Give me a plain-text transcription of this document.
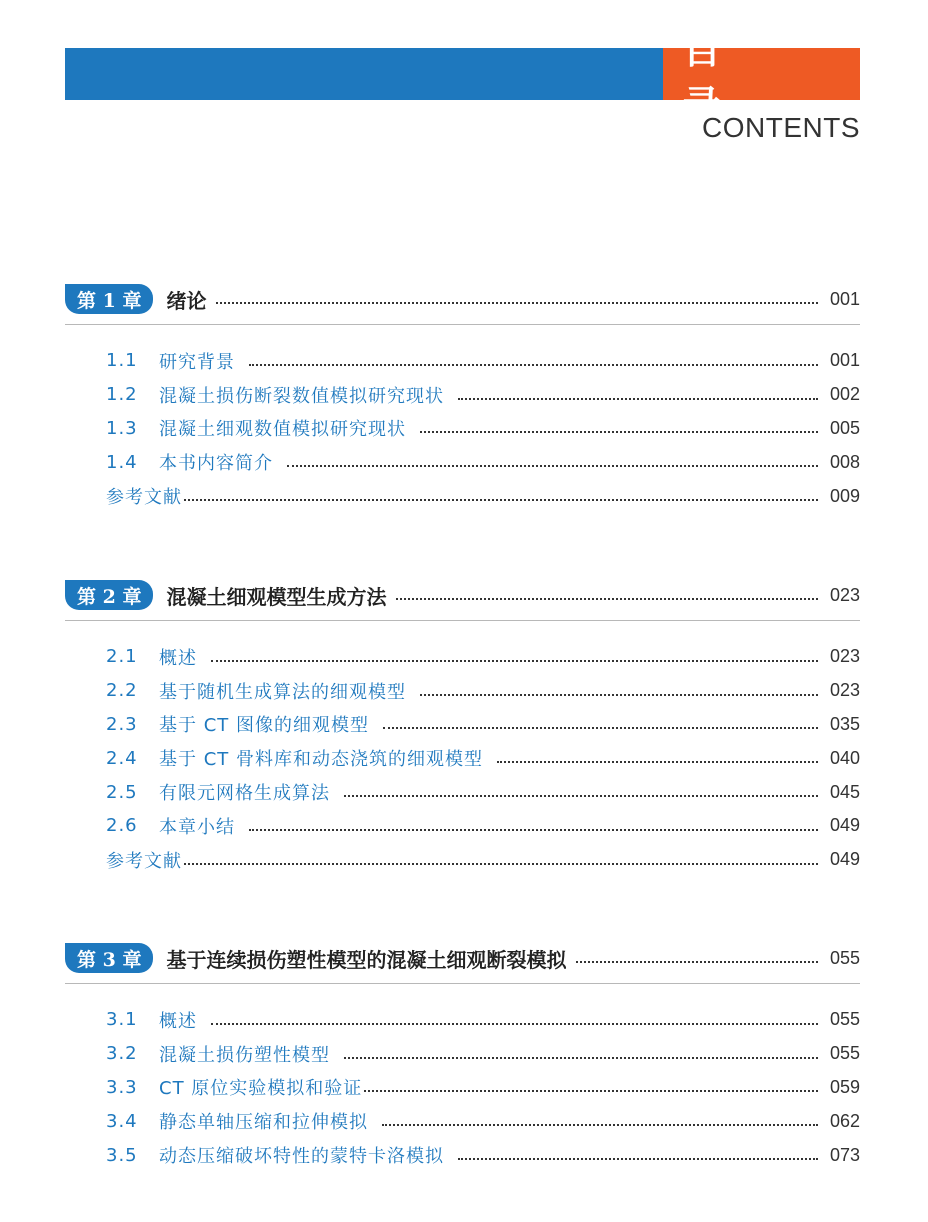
目 录
CONTENTS
第 1 章	绪论	001
1.1	研究背景	001
1.2	混凝土损伤断裂数值模拟研究现状	002
1.3	混凝土细观数值模拟研究现状	005
1.4	本书内容简介	008
参考文献	009
第 2 章	混凝土细观模型生成方法	023
2.1	概述	023
2.2	基于随机生成算法的细观模型	023
2.3	基于 CT 图像的细观模型	035
2.4	基于 CT 骨料库和动态浇筑的细观模型	040
2.5	有限元网格生成算法	045
2.6	本章小结	049
参考文献	049
第 3 章	基于连续损伤塑性模型的混凝土细观断裂模拟	055
3.1	概述	055
3.2	混凝土损伤塑性模型	055
3.3	CT 原位实验模拟和验证	059
3.4	静态单轴压缩和拉伸模拟	062
3.5	动态压缩破坏特性的蒙特卡洛模拟	073
